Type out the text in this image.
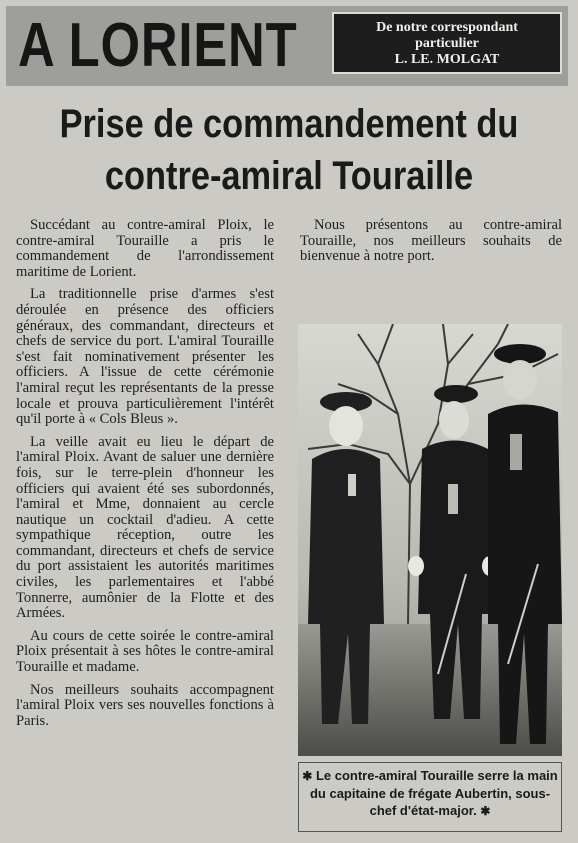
A LORIENT	De notre correspondant
particulier
L. LE. MOLGAT
Prise de commandement du
contre-amiral Touraille

Succédant au contre-amiral Ploix, le contre-amiral Touraille a pris le commandement de l'arrondissement maritime de Lorient.

La traditionnelle prise d'armes s'est déroulée en présence des officiers généraux, des commandant, directeurs et chefs de service du port. L'amiral Touraille s'est fait nominativement présenter les officiers. A l'issue de cette cérémonie l'amiral reçut les représentants de la presse locale et prouva particulièrement l'intérêt qu'il porte à « Cols Bleus ».

La veille avait eu lieu le départ de l'amiral Ploix. Avant de saluer une dernière fois, sur le terre-plein d'honneur les officiers qui avaient été ses subordonnés, l'amiral et Mme, donnaient au cercle nautique un cocktail d'adieu. A cette sympathique réception, outre les commandant, directeurs et chefs de service du port assistaient les autorités maritimes civiles, les parlementaires et l'abbé Tonnerre, aumônier de la Flotte et des Armées.

Au cours de cette soirée le contre-amiral Ploix présentait à ses hôtes le contre-amiral Touraille et madame.

Nos meilleurs souhaits accompagnent l'amiral Ploix vers ses nouvelles fonctions à Paris.

Nous présentons au contre-amiral Touraille, nos meilleurs souhaits de bienvenue à notre port.

✱ Le contre-amiral Touraille serre la main du capitaine de frégate Aubertin, sous-chef d'état-major. ✱
